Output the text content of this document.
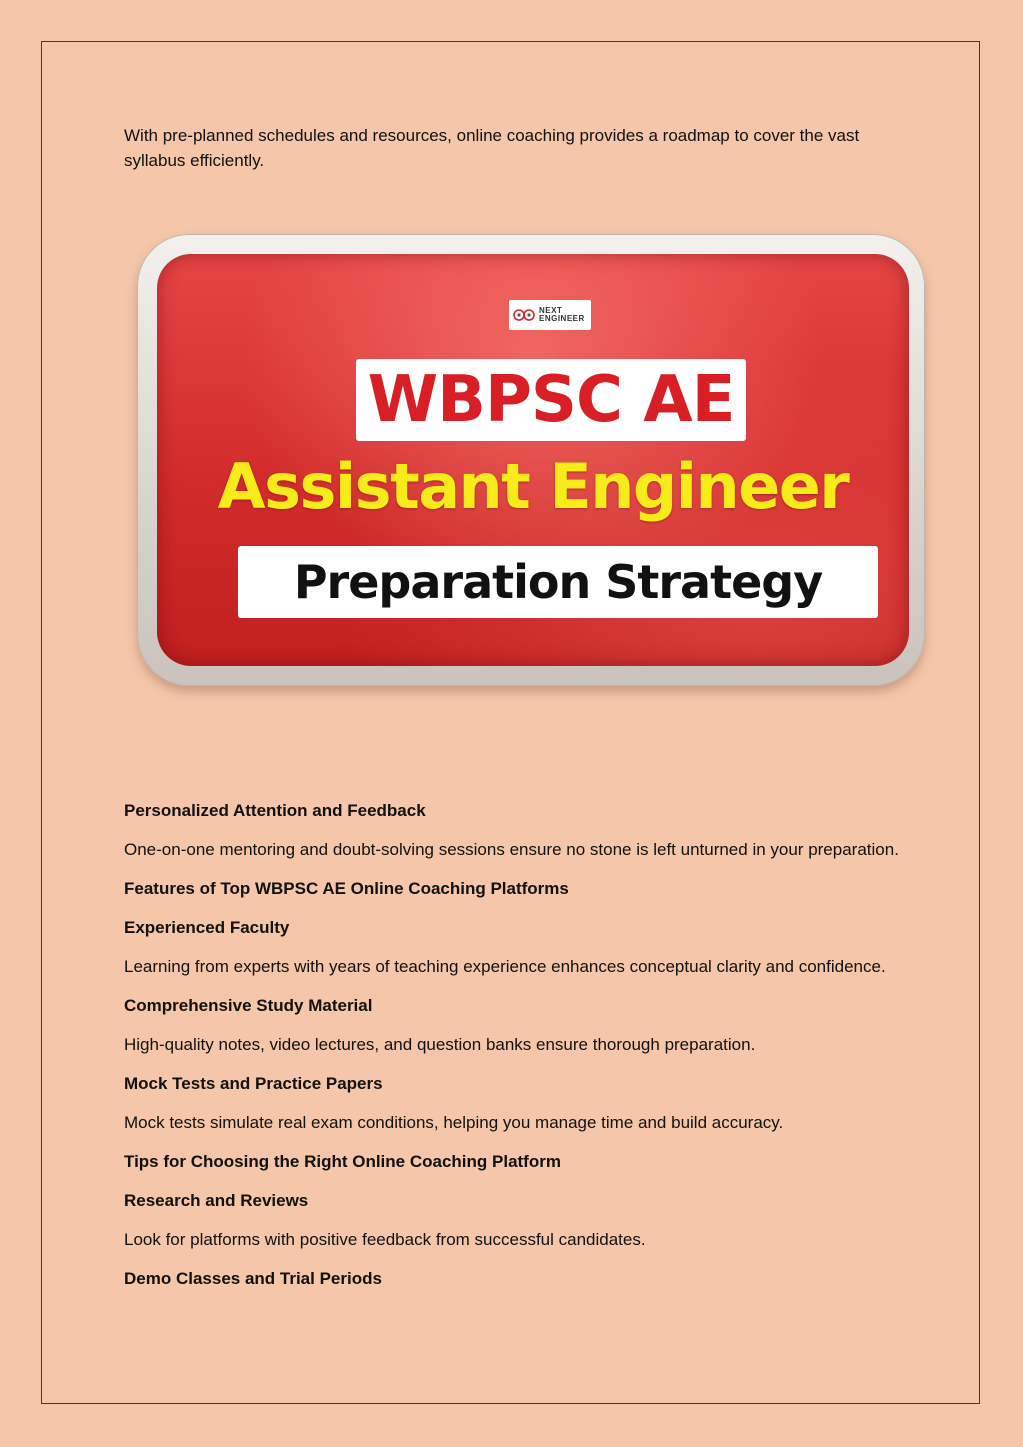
With pre-planned schedules and resources, online coaching provides a roadmap to cover the vast syllabus efficiently.

NEXT
ENGINEER
WBPSC AE
Assistant Engineer
Preparation Strategy

Personalized Attention and Feedback

One-on-one mentoring and doubt-solving sessions ensure no stone is left unturned in your preparation.

Features of Top WBPSC AE Online Coaching Platforms

Experienced Faculty

Learning from experts with years of teaching experience enhances conceptual clarity and confidence.

Comprehensive Study Material

High-quality notes, video lectures, and question banks ensure thorough preparation.

Mock Tests and Practice Papers

Mock tests simulate real exam conditions, helping you manage time and build accuracy.

Tips for Choosing the Right Online Coaching Platform

Research and Reviews

Look for platforms with positive feedback from successful candidates.

Demo Classes and Trial Periods
